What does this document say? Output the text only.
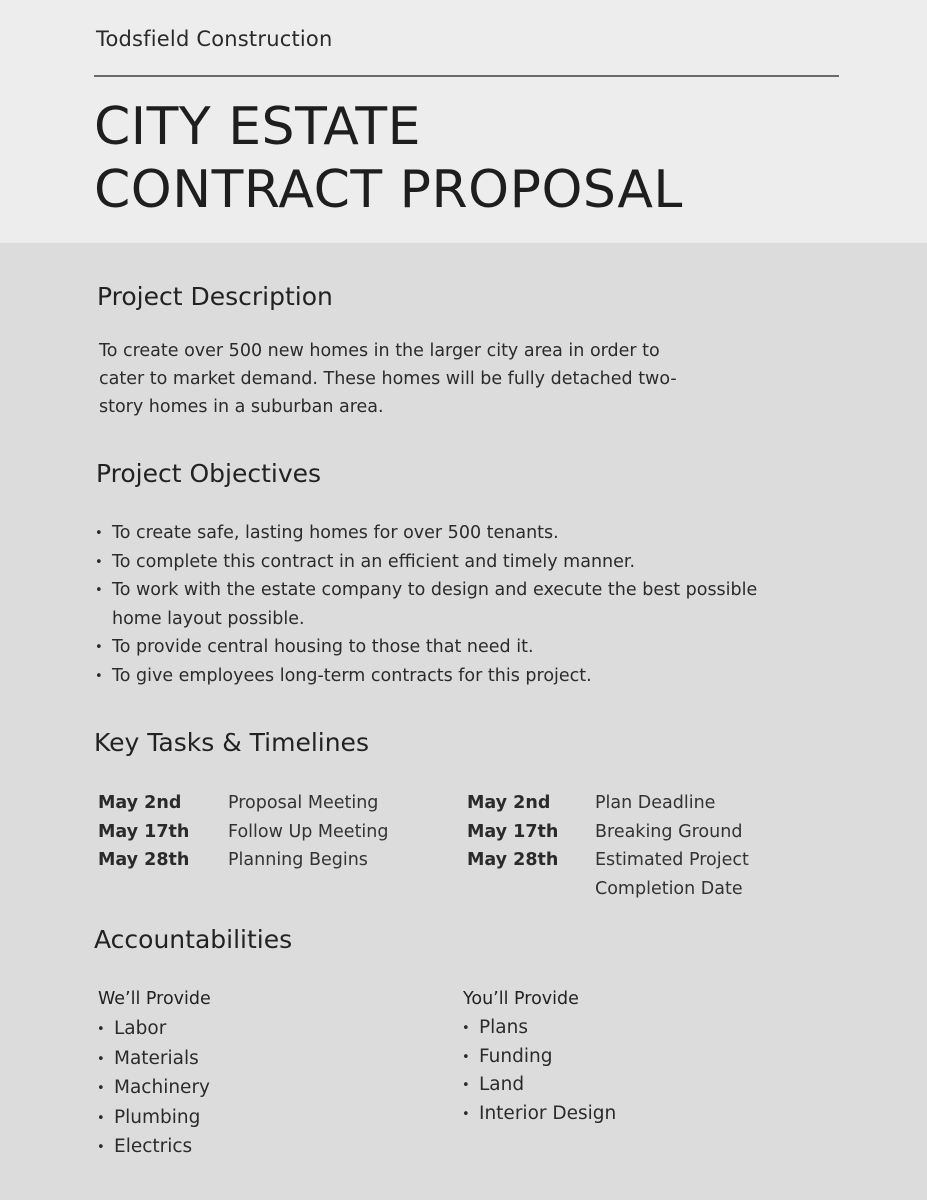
Todsfield Construction
CITY ESTATE
CONTRACT PROPOSAL
Project Description

To create over 500 new homes in the larger city area in order to cater to market demand. These homes will be fully detached two-story homes in a suburban area.

Project Objectives
• To create safe, lasting homes for over 500 tenants.
• To complete this contract in an efficient and timely manner.
• To work with the estate company to design and execute the best possible home layout possible.
• To provide central housing to those that need it.
• To give employees long-term contracts for this project.
Key Tasks & Timelines
May 2nd	Proposal Meeting
May 17th	Follow Up Meeting
May 28th	Planning Begins
May 2nd	Plan Deadline
May 17th	Breaking Ground
May 28th	Estimated Project Completion Date
Accountabilities
We’ll Provide
• Labor
• Materials
• Machinery
• Plumbing
• Electrics
You’ll Provide
• Plans
• Funding
• Land
• Interior Design
